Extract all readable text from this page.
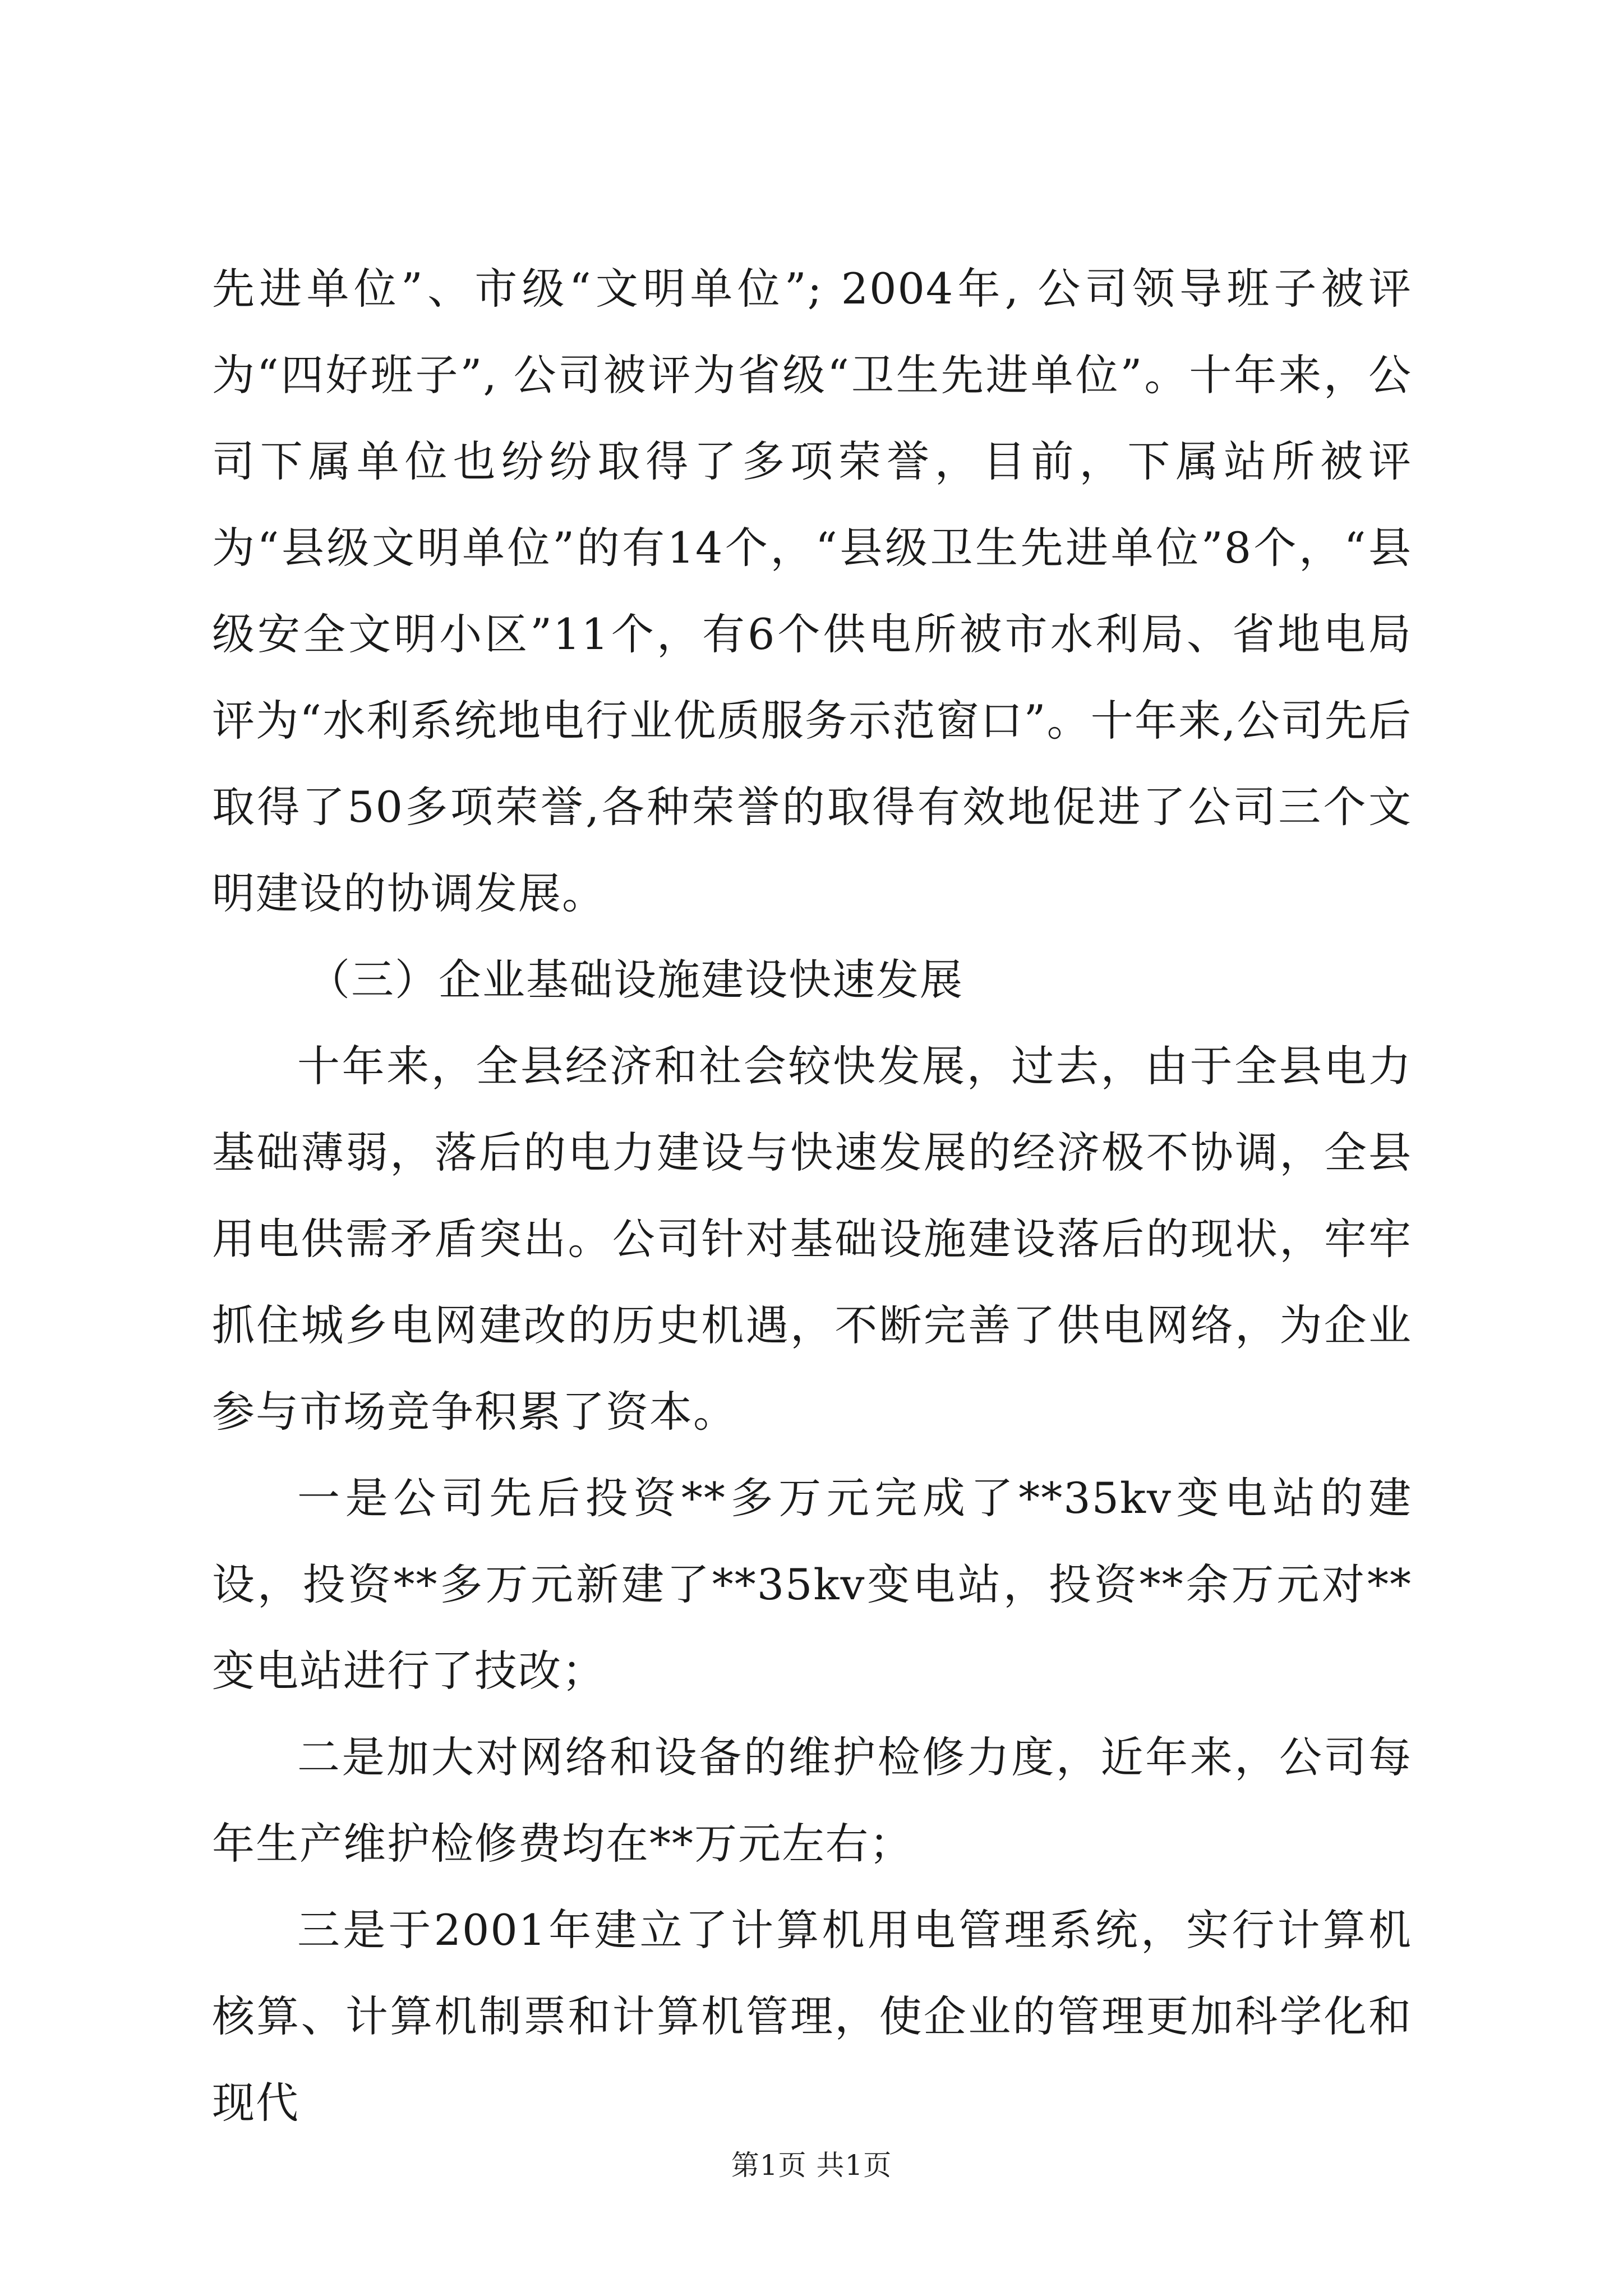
先进单位”、市级“文明单位”; 2004年, 公司领导班子被评为“四好班子”, 公司被评为省级“卫生先进单位”。十年来，公司下属单位也纷纷取得了多项荣誉，目前，下属站所被评为“县级文明单位”的有14个，“县级卫生先进单位”8个，“县级安全文明小区”11个，有6个供电所被市水利局、省地电局评为“水利系统地电行业优质服务示范窗口”。十年来,公司先后取得了50多项荣誉,各种荣誉的取得有效地促进了公司三个文明建设的协调发展。

（三）企业基础设施建设快速发展

十年来，全县经济和社会较快发展，过去，由于全县电力基础薄弱，落后的电力建设与快速发展的经济极不协调，全县用电供需矛盾突出。公司针对基础设施建设落后的现状，牢牢抓住城乡电网建改的历史机遇，不断完善了供电网络，为企业参与市场竞争积累了资本。

一是公司先后投资**多万元完成了**35kv变电站的建设，投资**多万元新建了**35kv变电站，投资**余万元对**变电站进行了技改；

二是加大对网络和设备的维护检修力度，近年来，公司每年生产维护检修费均在**万元左右；

三是于2001年建立了计算机用电管理系统，实行计算机核算、计算机制票和计算机管理，使企业的管理更加科学化和现代

第1页 共1页
